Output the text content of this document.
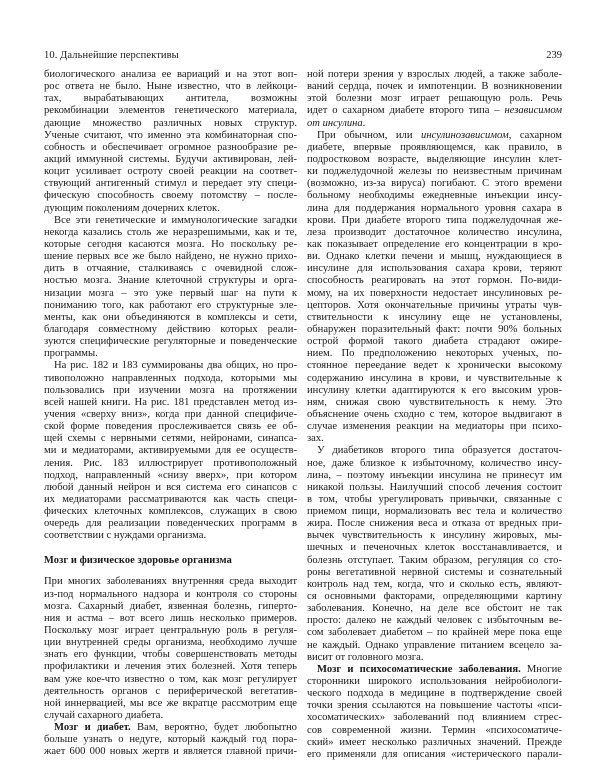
10. Дальнейшие перспективы	239
биологического анализа ее вариаций и на этот воп-
рос ответа не было. Ныне известно, что в лейкоци-
тах, вырабатывающих антитела, возможны
рекомбинации элементов генетического материала,
дающие множество различных новых структур.
Ученые считают, что именно эта комбинаторная спо-
собность и обеспечивает огромное разнообразие ре-
акций иммунной системы. Будучи активирован, лей-
коцит усиливает остроту своей реакции на соответ-
ствующий антигенный стимул и передает эту специ-
фическую способность своему потомству – после-
дующим поколениям дочерних клеток.
Все эти генетические и иммунологические загадки
некогда казались столь же неразрешимыми, как и те,
которые сегодня касаются мозга. Но поскольку ре-
шение первых все же было найдено, не нужно прихо-
дить в отчаяние, сталкиваясь с очевидной слож-
ностью мозга. Знание клеточной структуры и орга-
низации мозга – это уже первый шаг на пути к
пониманию того, как работают его структурные эле-
менты, как они объединяются в комплексы и сети,
благодаря совместному действию которых реали-
зуются специфические регуляторные и поведенческие
программы.
На рис. 182 и 183 суммированы два общих, но про-
тивоположно направленных подхода, которыми мы
пользовались при изучении мозга на протяжении
всей нашей книги. На рис. 181 представлен метод из-
учения «сверху вниз», когда при данной специфиче-
ской форме поведения прослеживается связь ее об-
щей схемы с нервными сетями, нейронами, синапса-
ми и медиаторами, активируемыми для ее осуществ-
ления. Рис. 183 иллюстрирует противоположный
подход, направленный «снизу вверх», при котором
любой данный нейрон и вся система его синапсов с
их медиаторами рассматриваются как часть специ-
фических клеточных комплексов, служащих в свою
очередь для реализации поведенческих программ в
соответствии с нуждами организма.
Мозг и физическое здоровье организма
При многих заболеваниях внутренняя среда выходит
из-под нормального надзора и контроля со стороны
мозга. Сахарный диабет, язвенная болезнь, гиперто-
ния и астма – вот всего лишь несколько примеров.
Поскольку мозг играет центральную роль в регуля-
ции внутренней среды организма, необходимо лучше
знать его функции, чтобы совершенствовать методы
профилактики и лечения этих болезней. Хотя теперь
вам уже кое-что известно о том, как мозг регулирует
деятельность органов с периферической вегетатив-
ной иннервацией, мы все же вкратце рассмотрим еще
случай сахарного диабета.
Мозг и диабет. Вам, вероятно, будет любопытно
больше узнать о недуге, который каждый год пора-
жает 600 000 новых жертв и является главной причи-
ной потери зрения у взрослых людей, а также заболе-
ваний сердца, почек и импотенции. В возникновении
этой болезни мозг играет решающую роль. Речь
идет о сахарном диабете второго типа – независимом
от инсулина.
При обычном, или инсулинозависимом, сахарном
диабете, впервые проявляющемся, как правило, в
подростковом возрасте, выделяющие инсулин клет-
ки поджелудочной железы по неизвестным причинам
(возможно, из-за вируса) погибают. С этого времени
больному необходимы ежедневные инъекции инсу-
лина для поддержания нормального уровня сахара в
крови. При диабете второго типа поджелудочная же-
леза производит достаточное количество инсулина,
как показывает определение его концентрации в кро-
ви. Однако клетки печени и мышц, нуждающиеся в
инсулине для использования сахара крови, теряют
способность реагировать на этот гормон. По-види-
мому, на их поверхности недостает инсулиновых ре-
цепторов. Хотя окончательные причины утраты чув-
ствительности к инсулину еще не установлены,
обнаружен поразительный факт: почти 90% больных
острой формой такого диабета страдают ожире-
нием. По предположению некоторых ученых, по-
стоянное переедание ведет к хронически высокому
содержанию инсулина в крови, и чувствительные к
инсулину клетки адаптируются к его высоким уров-
ням, снижая свою чувствительность к нему. Это
объяснение очень сходно с тем, которое выдвигают в
случае изменения реакции на медиаторы при психо-
зах.
У диабетиков второго типа образуется достаточ-
ное, даже близкое к избыточному, количество инсу-
лина, – поэтому инъекции инсулина не принесут им
никакой пользы. Наилучший способ лечения состоит
в том, чтобы урегулировать привычки, связанные с
приемом пищи, нормализовать вес тела и количество
жира. После снижения веса и отказа от вредных при-
вычек чувствительность к инсулину жировых, мы-
шечных и печеночных клеток восстанавливается, и
болезнь отступает. Таким образом, регуляция со сто-
роны вегетативной нервной системы и сознательный
контроль над тем, когда, что и сколько есть, являют-
ся основными факторами, определяющими картину
заболевания. Конечно, на деле все обстоит не так
просто: далеко не каждый человек с избыточным ве-
сом заболевает диабетом – по крайней мере пока еще
не каждый. Однако управление питанием всецело за-
висит от головного мозга.
Мозг и психосоматические заболевания. Многие
сторонники широкого использования нейробиологи-
ческого подхода в медицине в подтверждение своей
точки зрения ссылаются на повышение частоты «пси-
хосоматических» заболеваний под влиянием стрес-
сов современной жизни. Термин «психосоматиче-
ский» имеет несколько различных значений. Прежде
его применяли для описания «истерического парали-
